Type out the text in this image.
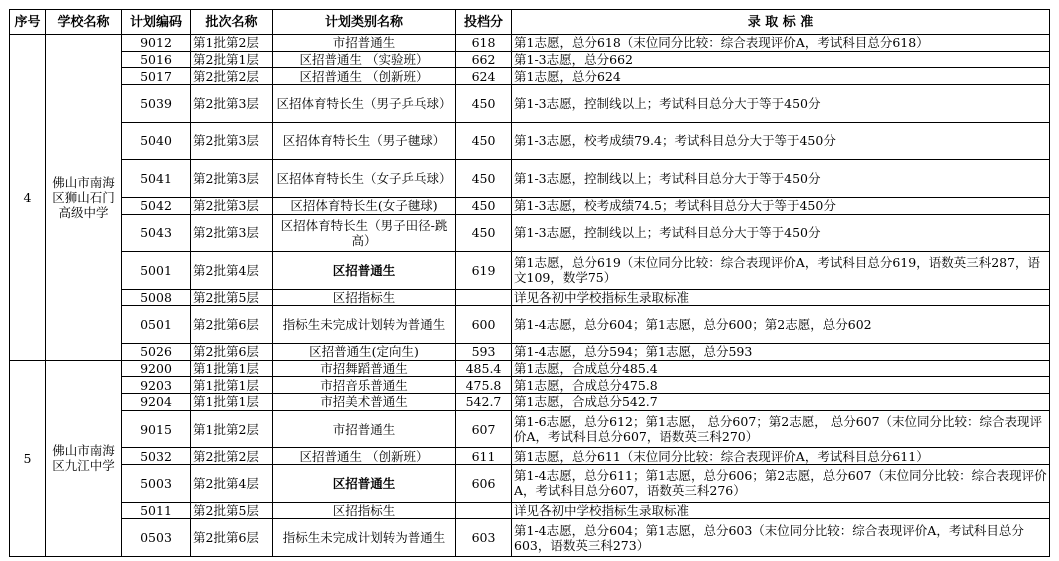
序号	学校名称	计划编码	批次名称	计划类别名称	投档分	录 取 标 准
4	佛山市南海区狮山石门高级中学	9012	第1批第2层	市招普通生	618	第1志愿，总分618（末位同分比较：综合表现评价A，考试科目总分618）
		5016	第2批第1层	区招普通生 （实验班）	662	第1-3志愿，总分662
		5017	第2批第2层	区招普通生 （创新班）	624	第1志愿，总分624
		5039	第2批第3层	区招体育特长生（男子乒乓球）	450	第1-3志愿，控制线以上；考试科目总分大于等于450分
		5040	第2批第3层	区招体育特长生（男子毽球）	450	第1-3志愿，校考成绩79.4；考试科目总分大于等于450分
		5041	第2批第3层	区招体育特长生（女子乒乓球）	450	第1-3志愿，控制线以上；考试科目总分大于等于450分
		5042	第2批第3层	区招体育特长生(女子毽球)	450	第1-3志愿，校考成绩74.5；考试科目总分大于等于450分
		5043	第2批第3层	区招体育特长生（男子田径-跳高）	450	第1-3志愿，控制线以上；考试科目总分大于等于450分
		5001	第2批第4层	区招普通生	619	第1志愿，总分619（末位同分比较：综合表现评价A，考试科目总分619，语数英三科287，语文109，数学75）
		5008	第2批第5层	区招指标生		详见各初中学校指标生录取标准
		0501	第2批第6层	指标生未完成计划转为普通生	600	第1-4志愿，总分604；第1志愿，总分600；第2志愿，总分602
		5026	第2批第6层	区招普通生(定向生)	593	第1-4志愿，总分594；第1志愿，总分593
5	佛山市南海区九江中学	9200	第1批第1层	市招舞蹈普通生	485.4	第1志愿，合成总分485.4
		9203	第1批第1层	市招音乐普通生	475.8	第1志愿，合成总分475.8
		9204	第1批第1层	市招美术普通生	542.7	第1志愿，合成总分542.7
		9015	第1批第2层	市招普通生	607	第1-6志愿，总分612；第1志愿， 总分607；第2志愿， 总分607（末位同分比较：综合表现评价A，考试科目总分607，语数英三科270）
		5032	第2批第2层	区招普通生 （创新班）	611	第1志愿，总分611（末位同分比较：综合表现评价A，考试科目总分611）
		5003	第2批第4层	区招普通生	606	第1-4志愿，总分611；第1志愿，总分606；第2志愿，总分607（末位同分比较：综合表现评价A，考试科目总分607，语数英三科276）
		5011	第2批第5层	区招指标生		详见各初中学校指标生录取标准
		0503	第2批第6层	指标生未完成计划转为普通生	603	第1-4志愿，总分604；第1志愿，总分603（末位同分比较：综合表现评价A，考试科目总分603，语数英三科273）
